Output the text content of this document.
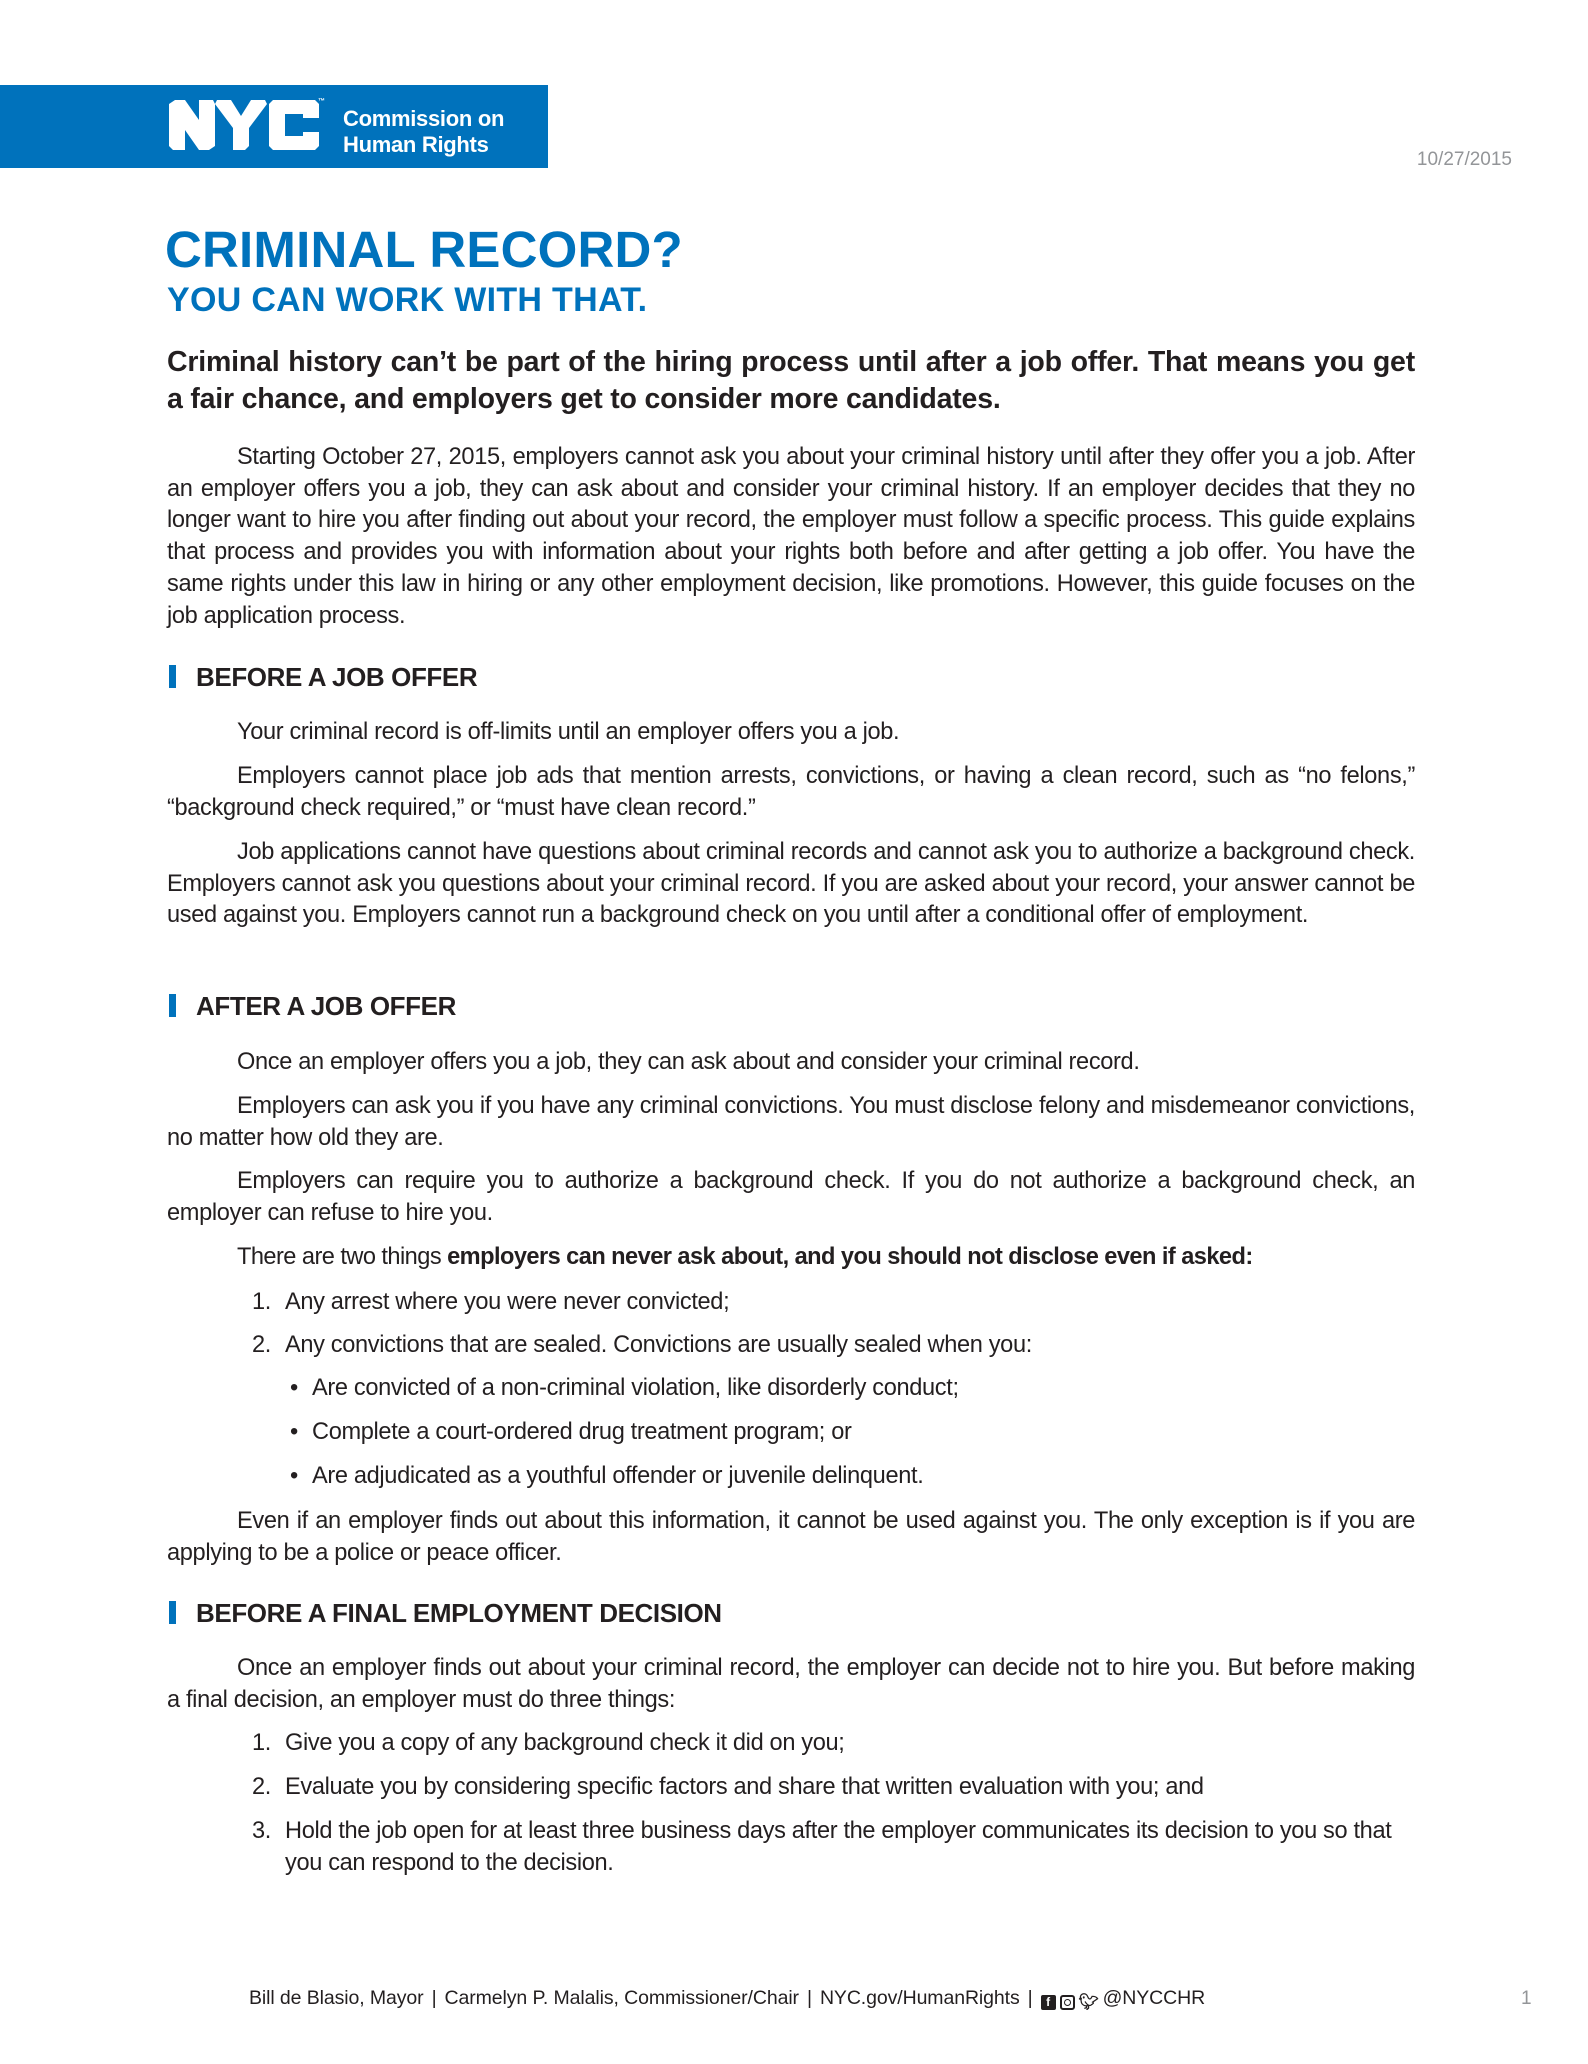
™
Commission on
Human Rights
10/27/2015
CRIMINAL RECORD?
YOU CAN WORK WITH THAT.

Criminal history can’t be part of the hiring process until after a job offer. That means you get a fair chance, and employers get to consider more candidates.

Starting October 27, 2015, employers cannot ask you about your criminal history until after they offer you a job. After an employer offers you a job, they can ask about and consider your criminal history. If an employer decides that they no longer want to hire you after finding out about your record, the employer must follow a specific process. This guide explains that process and provides you with information about your rights both before and after getting a job offer. You have the same rights under this law in hiring or any other employment decision, like promotions. However, this guide focuses on the job application process.

BEFORE A JOB OFFER

Your criminal record is off-limits until an employer offers you a job.

Employers cannot place job ads that mention arrests, convictions, or having a clean record, such as “no felons,” “background check required,” or “must have clean record.”

Job applications cannot have questions about criminal records and cannot ask you to authorize a background check. Employers cannot ask you questions about your criminal record. If you are asked about your record, your answer cannot be used against you. Employers cannot run a background check on you until after a conditional offer of employment.

AFTER A JOB OFFER

Once an employer offers you a job, they can ask about and consider your criminal record.

Employers can ask you if you have any criminal convictions. You must disclose felony and misdemeanor convictions, no matter how old they are.

Employers can require you to authorize a background check. If you do not authorize a background check, an employer can refuse to hire you.

There are two things employers can never ask about, and you should not disclose even if asked:

1. Any arrest where you were never convicted;
2. Any convictions that are sealed. Convictions are usually sealed when you:
• Are convicted of a non-criminal violation, like disorderly conduct;
• Complete a court-ordered drug treatment program; or
• Are adjudicated as a youthful offender or juvenile delinquent.

Even if an employer finds out about this information, it cannot be used against you. The only exception is if you are applying to be a police or peace officer.

BEFORE A FINAL EMPLOYMENT DECISION

Once an employer finds out about your criminal record, the employer can decide not to hire you. But before making a final decision, an employer must do three things:

1. Give you a copy of any background check it did on you;
2. Evaluate you by considering specific factors and share that written evaluation with you; and
3. Hold the job open for at least three business days after the employer communicates its decision to you so that you can respond to the decision.
Bill de Blasio, Mayor | Carmelyn P. Malalis, Commissioner/Chair | NYC.gov/HumanRights |	f	🐦︎ @NYCCHR	1
